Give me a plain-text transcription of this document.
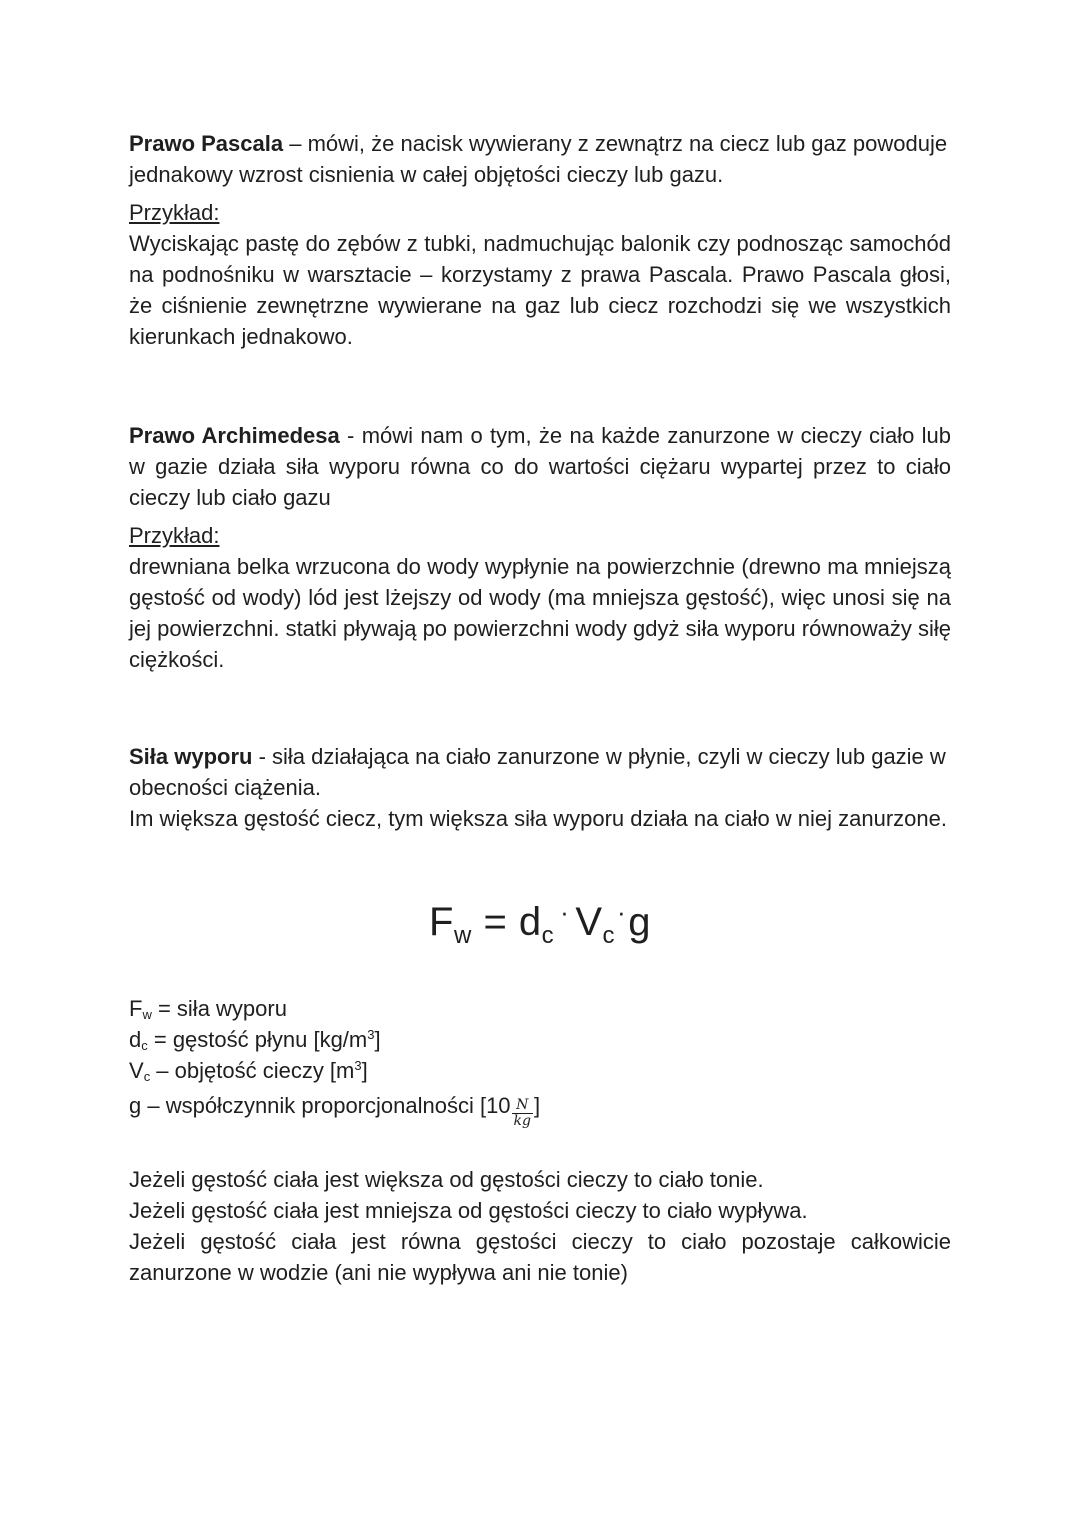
Prawo Pascala – mówi, że nacisk wywierany z zewnątrz na ciecz lub gaz powoduje jednakowy wzrost cisnienia w całej objętości cieczy lub gazu.

Przykład:

Wyciskając pastę do zębów z tubki, nadmuchując balonik czy podnosząc samochód na podnośniku w warsztacie – korzystamy z prawa Pascala. Prawo Pascala głosi, że ciśnienie zewnętrzne wywierane na gaz lub ciecz rozchodzi się we wszystkich kierunkach jednakowo.

Prawo Archimedesa - mówi nam o tym, że na każde zanurzone w cieczy ciało lub w gazie działa siła wyporu równa co do wartości ciężaru wypartej przez to ciało cieczy lub ciało gazu

Przykład:

drewniana belka wrzucona do wody wypłynie na powierzchnie (drewno ma mniejszą gęstość od wody) lód jest lżejszy od wody (ma mniejsza gęstość), więc unosi się na jej powierzchni. statki pływają po powierzchni wody gdyż siła wyporu równoważy siłę ciężkości.

Siła wyporu - siła działająca na ciało zanurzone w płynie, czyli w cieczy lub gazie w obecności ciążenia.

Im większa gęstość ciecz, tym większa siła wyporu działa na ciało w niej zanurzone.

$F_w = d_c^\cdot$ $V_c^\cdot g$
$F_w$ = siła wyporu
$d_c$ = gęstość płynu $[kg/m^3]$
$V_c$ – objętość cieczy $[m^3]$
g – współczynnik proporcjonalności [$10 \frac{N}{kg}$ ]

Jeżeli gęstość ciała jest większa od gęstości cieczy to ciało tonie.

Jeżeli gęstość ciała jest mniejsza od gęstości cieczy to ciało wypływa.

Jeżeli gęstość ciała jest równa gęstości cieczy to ciało pozostaje całkowicie zanurzone w wodzie (ani nie wypływa ani nie tonie)
